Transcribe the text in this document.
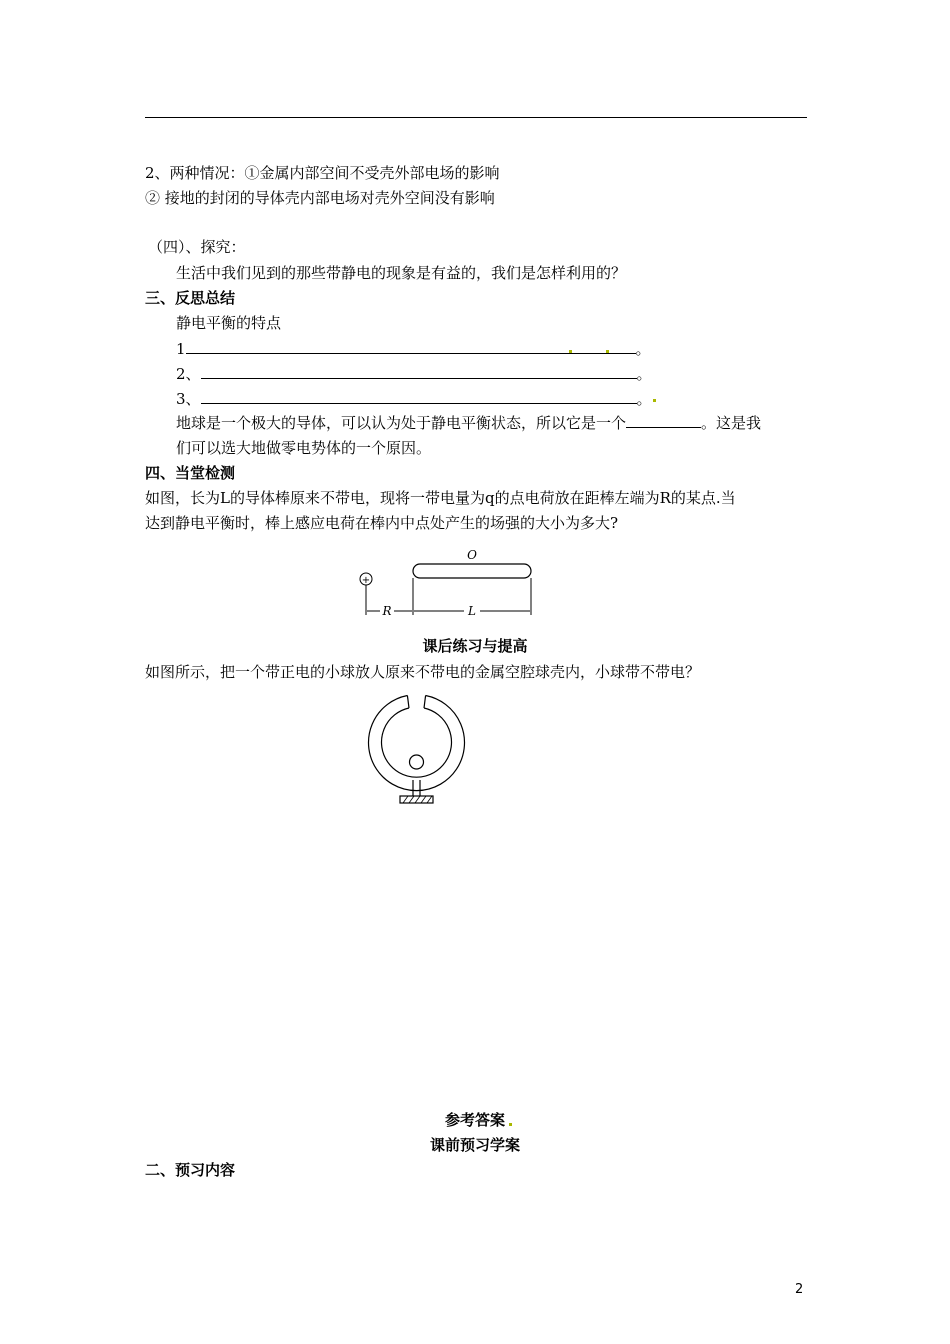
2、两种情况：①金属内部空间不受壳外部电场的影响
② 接地的封闭的导体壳内部电场对壳外空间没有影响
（四）、探究：
生活中我们见到的那些带静电的现象是有益的，我们是怎样利用的？
三、反思总结
静电平衡的特点
1	。
2、	。
3、	。
地球是一个极大的导体，可以认为处于静电平衡状态，所以它是一个	。这是我
们可以选大地做零电势体的一个原因。
四、当堂检测
如图，长为L的导体棒原来不带电，现将一带电量为q的点电荷放在距棒左端为R的某点.当
达到静电平衡时，棒上感应电荷在棒内中点处产生的场强的大小为多大?
+
O
R	L
课后练习与提高
如图所示，把一个带正电的小球放人原来不带电的金属空腔球壳内，小球带不带电？
参考答案
课前预习学案
二、预习内容
2
